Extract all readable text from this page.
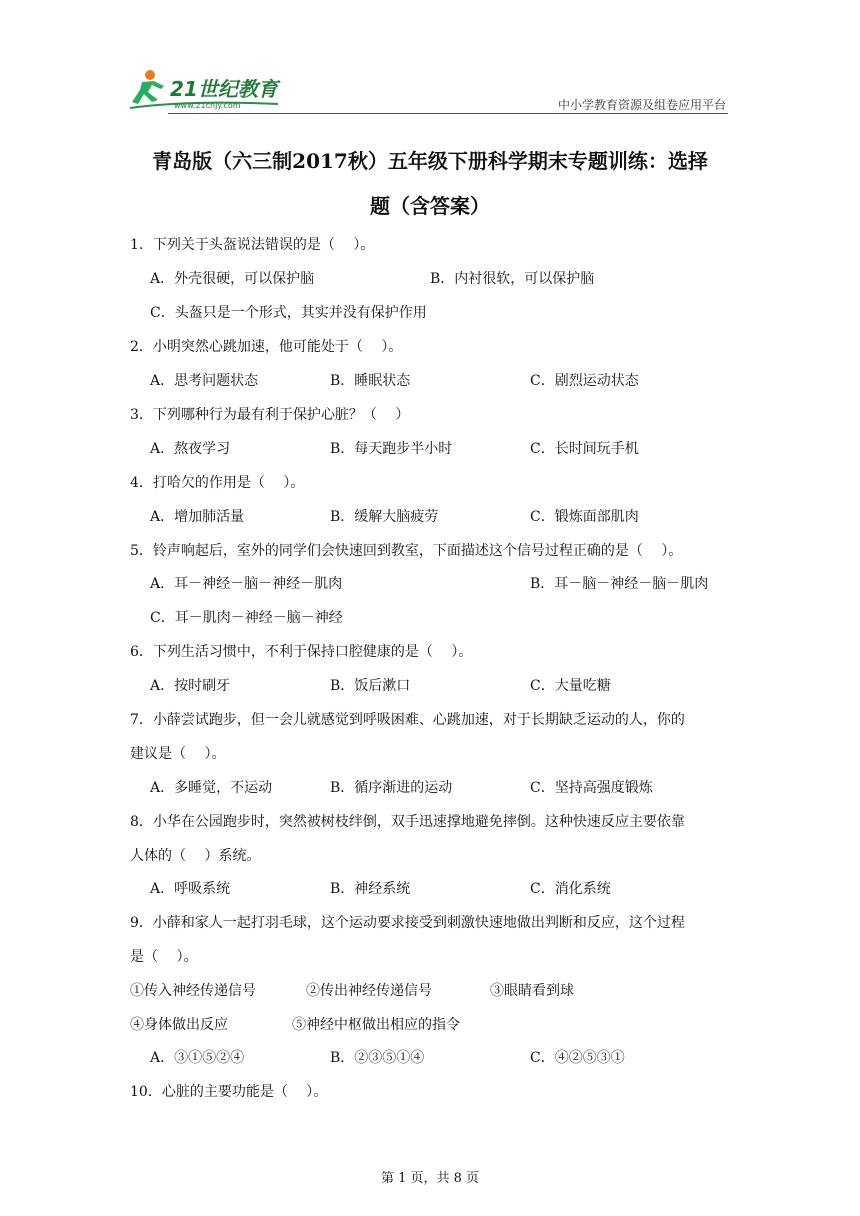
21世纪教育
www.21cnjy.com	中小学教育资源及组卷应用平台
青岛版（六三制2017秋）五年级下册科学期末专题训练：选择
题（含答案）
1．下列关于头盔说法错误的是（　 ）。
A．外壳很硬，可以保护脑	B．内衬很软，可以保护脑
C．头盔只是一个形式，其实并没有保护作用
2．小明突然心跳加速，他可能处于（　 ）。
A．思考问题状态	B．睡眠状态	C．剧烈运动状态
3．下列哪种行为最有利于保护心脏？（　 ）
A．熬夜学习	B．每天跑步半小时	C．长时间玩手机
4．打哈欠的作用是（　 ）。
A．增加肺活量	B．缓解大脑疲劳	C．锻炼面部肌肉
5．铃声响起后，室外的同学们会快速回到教室，下面描述这个信号过程正确的是（　 ）。
A．耳－神经－脑－神经－肌肉	B．耳－脑－神经－脑－肌肉
C．耳－肌肉－神经－脑－神经
6．下列生活习惯中，不利于保持口腔健康的是（　 ）。
A．按时刷牙	B．饭后漱口	C．大量吃糖
7．小薛尝试跑步，但一会儿就感觉到呼吸困难、心跳加速，对于长期缺乏运动的人，你的
建议是（　 ）。
A．多睡觉，不运动	B．循序渐进的运动	C．坚持高强度锻炼
8．小华在公园跑步时，突然被树枝绊倒，双手迅速撑地避免摔倒。这种快速反应主要依靠
人体的（　 ）系统。
A．呼吸系统	B．神经系统	C．消化系统
9．小薛和家人一起打羽毛球，这个运动要求接受到刺激快速地做出判断和反应，这个过程
是（　 ）。
①传入神经传递信号	②传出神经传递信号	③眼睛看到球
④身体做出反应	⑤神经中枢做出相应的指令
A．③①⑤②④	B．②③⑤①④	C．④②⑤③①
10．心脏的主要功能是（　 ）。
第 1 页，共 8 页
